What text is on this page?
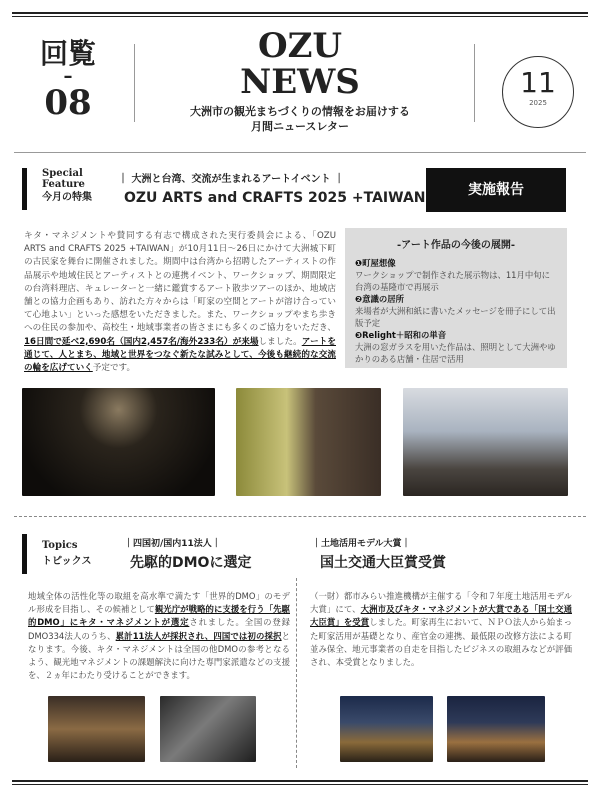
回覧
–
08
OZU
NEWS
大洲市の観光まちづくりの情報をお届けする
月間ニュースレター
11
2025
Special
Feature
今月の特集
｜ 大洲と台湾、交流が生まれるアートイベント ｜
OZU ARTS and CRAFTS 2025 +TAIWAN	実施報告
キタ・マネジメントや賛同する有志で構成された実行委員会による、「OZU ARTS and CRAFTS 2025 +TAIWAN」が10月11日～26日にかけて大洲城下町の古民家を舞台に開催されました。期間中は台湾から招聘したアーティストの作品展示や地域住民とアーティストとの連携イベント、ワークショップ、期間限定の台湾料理店、キュレーターと一緒に鑑賞するアート散歩ツアーのほか、地域店舗との協力企画もあり、訪れた方々からは「町家の空間とアートが溶け合っていて心地よい」といった感想をいただきました。また、ワークショップやまち歩きへの住民の参加や、高校生・地域事業者の皆さまにも多くのご協力をいただき、16日間で延べ2,690名（国内2,457名/海外233名）が来場しました。アートを通じて、人とまち、地域と世界をつなぐ新たな試みとして、今後も継続的な交流の輪を広げていく予定です。
-アート作品の今後の展開-
❶町屋想像
ワークショップで制作された展示物は、11月中旬に台湾の基隆市で再展示
❷意識の居所
来場者が大洲和紙に書いたメッセージを冊子にして出版予定
❸Relight＋昭和の単音
大洲の窓ガラスを用いた作品は、照明として大洲やゆかりのある店舗・住居で活用
Topics
トピックス
｜四国初/国内11法人｜
先駆的DMOに選定
｜土地活用モデル大賞｜
国土交通大臣賞受賞
地域全体の活性化等の取組を高水準で満たす「世界的DMO」のモデル形成を目指し、その候補として観光庁が戦略的に支援を行う「先駆的DMO」にキタ・マネジメントが選定されました。全国の登録DMO334法人のうち、累計11法人が採択され、四国では初の採択となります。今後、キタ・マネジメントは全国の他DMOの参考となるよう、観光地マネジメントの課題解決に向けた専門家派遣などの支援を、２ヵ年にわたり受けることができます。
（一財）都市みらい推進機構が主催する「令和７年度土地活用モデル大賞」にて、大洲市及びキタ・マネジメントが大賞である「国土交通大臣賞」を受賞しました。町家再生において、ＮＰＯ法人から始まった町家活用が基礎となり、産官金の連携、最低限の改修方法による町並み保全、地元事業者の自走を目指したビジネスの取組みなどが評価され、本受賞となりました。
